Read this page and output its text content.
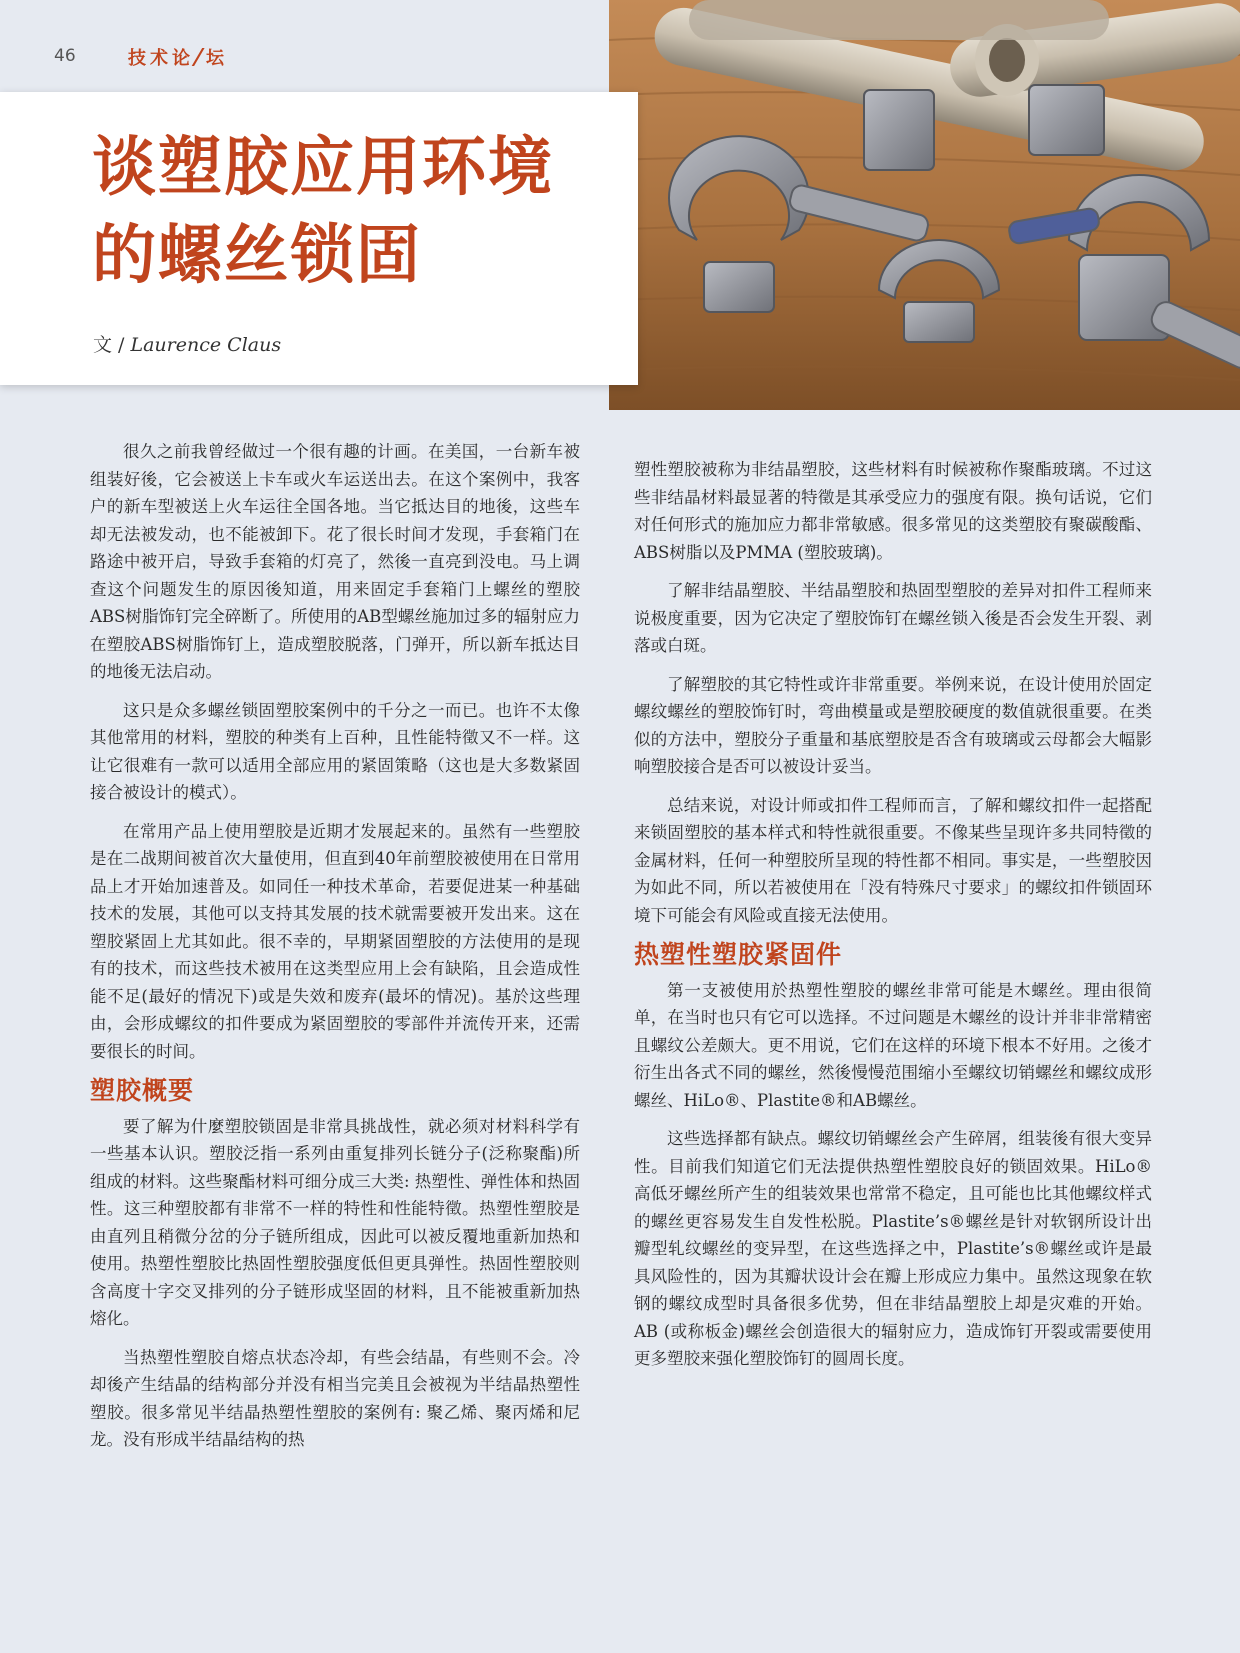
46	技术论/坛
谈塑胶应用环境
的螺丝锁固
文 / Laurence Claus

很久之前我曾经做过一个很有趣的计画。在美国，一台新车被组装好後，它会被送上卡车或火车运送出去。在这个案例中，我客户的新车型被送上火车运往全国各地。当它抵达目的地後，这些车却无法被发动，也不能被卸下。花了很长时间才发现，手套箱门在路途中被开启，导致手套箱的灯亮了，然後一直亮到没电。马上调查这个问题发生的原因後知道，用来固定手套箱门上螺丝的塑胶ABS树脂饰钉完全碎断了。所使用的AB型螺丝施加过多的辐射应力在塑胶ABS树脂饰钉上，造成塑胶脱落，门弹开，所以新车抵达目的地後无法启动。

这只是众多螺丝锁固塑胶案例中的千分之一而已。也许不太像其他常用的材料，塑胶的种类有上百种，且性能特徵又不一样。这让它很难有一款可以适用全部应用的紧固策略（这也是大多数紧固接合被设计的模式）。

在常用产品上使用塑胶是近期才发展起来的。虽然有一些塑胶是在二战期间被首次大量使用，但直到40年前塑胶被使用在日常用品上才开始加速普及。如同任一种技术革命，若要促进某一种基础技术的发展，其他可以支持其发展的技术就需要被开发出来。这在塑胶紧固上尤其如此。很不幸的，早期紧固塑胶的方法使用的是现有的技术，而这些技术被用在这类型应用上会有缺陷，且会造成性能不足(最好的情况下)或是失效和废弃(最坏的情况)。基於这些理由，会形成螺纹的扣件要成为紧固塑胶的零部件并流传开来，还需要很长的时间。

塑胶概要

要了解为什麼塑胶锁固是非常具挑战性，就必须对材料科学有一些基本认识。塑胶泛指一系列由重复排列长链分子(泛称聚酯)所组成的材料。这些聚酯材料可细分成三大类: 热塑性、弹性体和热固性。这三种塑胶都有非常不一样的特性和性能特徵。热塑性塑胶是由直列且稍微分岔的分子链所组成，因此可以被反覆地重新加热和使用。热塑性塑胶比热固性塑胶强度低但更具弹性。热固性塑胶则含高度十字交叉排列的分子链形成坚固的材料，且不能被重新加热熔化。

当热塑性塑胶自熔点状态冷却，有些会结晶，有些则不会。冷却後产生结晶的结构部分并没有相当完美且会被视为半结晶热塑性塑胶。很多常见半结晶热塑性塑胶的案例有: 聚乙烯、聚丙烯和尼龙。没有形成半结晶结构的热

塑性塑胶被称为非结晶塑胶，这些材料有时候被称作聚酯玻璃。不过这些非结晶材料最显著的特徵是其承受应力的强度有限。换句话说，它们对任何形式的施加应力都非常敏感。很多常见的这类塑胶有聚碳酸酯、ABS树脂以及PMMA (塑胶玻璃)。

了解非结晶塑胶、半结晶塑胶和热固型塑胶的差异对扣件工程师来说极度重要，因为它决定了塑胶饰钉在螺丝锁入後是否会发生开裂、剥落或白斑。

了解塑胶的其它特性或许非常重要。举例来说，在设计使用於固定螺纹螺丝的塑胶饰钉时，弯曲模量或是塑胶硬度的数值就很重要。在类似的方法中，塑胶分子重量和基底塑胶是否含有玻璃或云母都会大幅影响塑胶接合是否可以被设计妥当。

总结来说，对设计师或扣件工程师而言，了解和螺纹扣件一起搭配来锁固塑胶的基本样式和特性就很重要。不像某些呈现许多共同特徵的金属材料，任何一种塑胶所呈现的特性都不相同。事实是，一些塑胶因为如此不同，所以若被使用在「没有特殊尺寸要求」的螺纹扣件锁固环境下可能会有风险或直接无法使用。

热塑性塑胶紧固件

第一支被使用於热塑性塑胶的螺丝非常可能是木螺丝。理由很简单，在当时也只有它可以选择。不过问题是木螺丝的设计并非非常精密且螺纹公差颇大。更不用说，它们在这样的环境下根本不好用。之後才衍生出各式不同的螺丝，然後慢慢范围缩小至螺纹切销螺丝和螺纹成形螺丝、HiLo®、Plastite®和AB螺丝。

这些选择都有缺点。螺纹切销螺丝会产生碎屑，组装後有很大变异性。目前我们知道它们无法提供热塑性塑胶良好的锁固效果。HiLo®高低牙螺丝所产生的组装效果也常常不稳定，且可能也比其他螺纹样式的螺丝更容易发生自发性松脱。Plastite’s®螺丝是针对软钢所设计出瓣型轧纹螺丝的变异型，在这些选择之中，Plastite’s®螺丝或许是最具风险性的，因为其瓣状设计会在瓣上形成应力集中。虽然这现象在软钢的螺纹成型时具备很多优势，但在非结晶塑胶上却是灾难的开始。AB (或称板金)螺丝会创造很大的辐射应力，造成饰钉开裂或需要使用更多塑胶来强化塑胶饰钉的圆周长度。
